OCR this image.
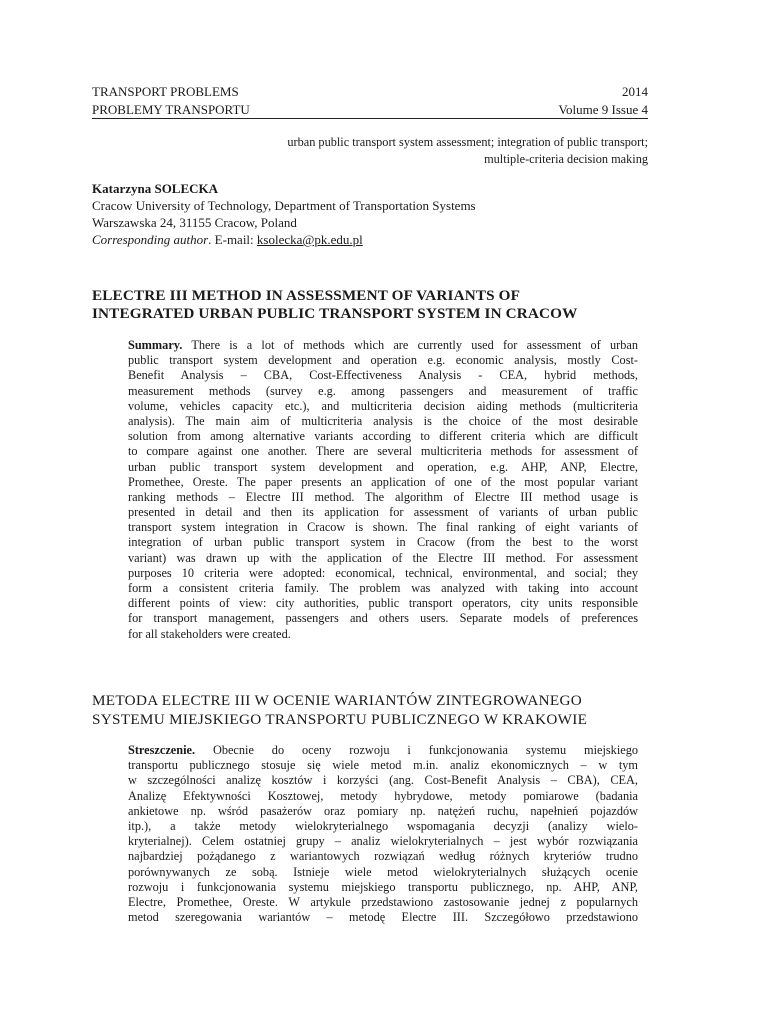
TRANSPORT PROBLEMS	2014
PROBLEMY TRANSPORTU	Volume 9 Issue 4
urban public transport system assessment; integration of public transport;
multiple-criteria decision making
Katarzyna SOLECKA
Cracow University of Technology, Department of Transportation Systems
Warszawska 24, 31155 Cracow, Poland
Corresponding author. E-mail: ksolecka@pk.edu.pl
ELECTRE III METHOD IN ASSESSMENT OF VARIANTS OF
INTEGRATED URBAN PUBLIC TRANSPORT SYSTEM IN CRACOW
Summary. There is a lot of methods which are currently used for assessment of urban
public transport system development and operation e.g. economic analysis, mostly Cost-
Benefit Analysis – CBA, Cost-Effectiveness Analysis - CEA, hybrid methods,
measurement methods (survey e.g. among passengers and measurement of traffic
volume, vehicles capacity etc.), and multicriteria decision aiding methods (multicriteria
analysis). The main aim of multicriteria analysis is the choice of the most desirable
solution from among alternative variants according to different criteria which are difficult
to compare against one another. There are several multicriteria methods for assessment of
urban public transport system development and operation, e.g. AHP, ANP, Electre,
Promethee, Oreste. The paper presents an application of one of the most popular variant
ranking methods – Electre III method. The algorithm of Electre III method usage is
presented in detail and then its application for assessment of variants of urban public
transport system integration in Cracow is shown. The final ranking of eight variants of
integration of urban public transport system in Cracow (from the best to the worst
variant) was drawn up with the application of the Electre III method. For assessment
purposes 10 criteria were adopted: economical, technical, environmental, and social; they
form a consistent criteria family. The problem was analyzed with taking into account
different points of view: city authorities, public transport operators, city units responsible
for transport management, passengers and others users. Separate models of preferences
for all stakeholders were created.
METODA ELECTRE III W OCENIE WARIANTÓW ZINTEGROWANEGO
SYSTEMU MIEJSKIEGO TRANSPORTU PUBLICZNEGO W KRAKOWIE
Streszczenie. Obecnie do oceny rozwoju i funkcjonowania systemu miejskiego
transportu publicznego stosuje się wiele metod m.in. analiz ekonomicznych – w tym
w szczególności analizę kosztów i korzyści (ang. Cost-Benefit Analysis – CBA), CEA,
Analizę Efektywności Kosztowej, metody hybrydowe, metody pomiarowe (badania
ankietowe np. wśród pasażerów oraz pomiary np. natężeń ruchu, napełnień pojazdów
itp.), a także metody wielokryterialnego wspomagania decyzji (analizy wielo-
kryterialnej). Celem ostatniej grupy – analiz wielokryterialnych – jest wybór rozwiązania
najbardziej pożądanego z wariantowych rozwiązań według różnych kryteriów trudno
porównywanych ze sobą. Istnieje wiele metod wielokryterialnych służących ocenie
rozwoju i funkcjonowania systemu miejskiego transportu publicznego, np. AHP, ANP,
Electre, Promethee, Oreste. W artykule przedstawiono zastosowanie jednej z popularnych
metod szeregowania wariantów – metodę Electre III. Szczegółowo przedstawiono
